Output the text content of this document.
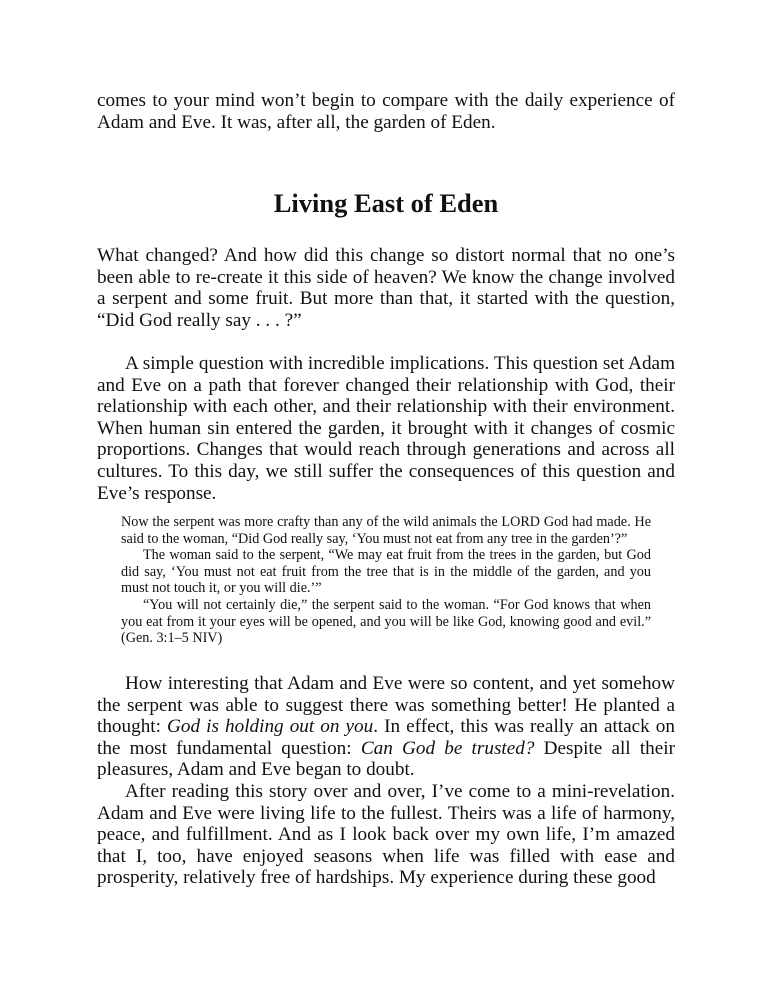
comes to your mind won’t begin to compare with the daily experience of Adam and Eve. It was, after all, the garden of Eden.

Living East of Eden

What changed? And how did this change so distort normal that no one’s been able to re-create it this side of heaven? We know the change involved a serpent and some fruit. But more than that, it started with the question, “Did God really say . . . ?”

A simple question with incredible implications. This question set Adam and Eve on a path that forever changed their relationship with God, their relationship with each other, and their relationship with their environment. When human sin entered the garden, it brought with it changes of cosmic proportions. Changes that would reach through generations and across all cultures. To this day, we still suffer the consequences of this question and Eve’s response.

Now the serpent was more crafty than any of the wild animals the LORD God had made. He said to the woman, “Did God really say, ‘You must not eat from any tree in the garden’?”

The woman said to the serpent, “We may eat fruit from the trees in the garden, but God did say, ‘You must not eat fruit from the tree that is in the middle of the garden, and you must not touch it, or you will die.’”

“You will not certainly die,” the serpent said to the woman. “For God knows that when you eat from it your eyes will be opened, and you will be like God, knowing good and evil.” (Gen. 3:1–5 NIV)

How interesting that Adam and Eve were so content, and yet somehow the serpent was able to suggest there was something better! He planted a thought: God is holding out on you. In effect, this was really an attack on the most fundamental question: Can God be trusted? Despite all their pleasures, Adam and Eve began to doubt.

After reading this story over and over, I’ve come to a mini-revelation. Adam and Eve were living life to the fullest. Theirs was a life of harmony, peace, and fulfillment. And as I look back over my own life, I’m amazed that I, too, have enjoyed seasons when life was filled with ease and prosperity, relatively free of hardships. My experience during these good
